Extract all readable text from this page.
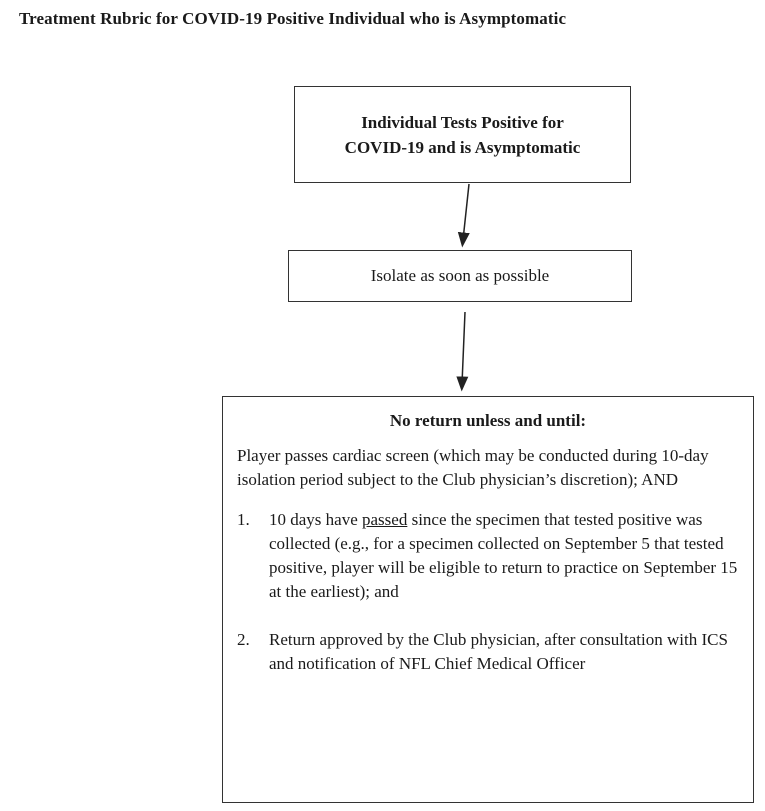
Treatment Rubric for COVID-19 Positive Individual who is Asymptomatic
Individual Tests Positive for
COVID-19 and is Asymptomatic
Isolate as soon as possible
No return unless and until:
Player passes cardiac screen (which may be conducted during 10-day isolation period subject to the Club physician’s discretion); AND
1.	10 days have passed since the specimen that tested positive was collected (e.g., for a specimen collected on September 5 that tested positive, player will be eligible to return to practice on September 15 at the earliest); and
2.	Return approved by the Club physician, after consultation with ICS and notification of NFL Chief Medical Officer
